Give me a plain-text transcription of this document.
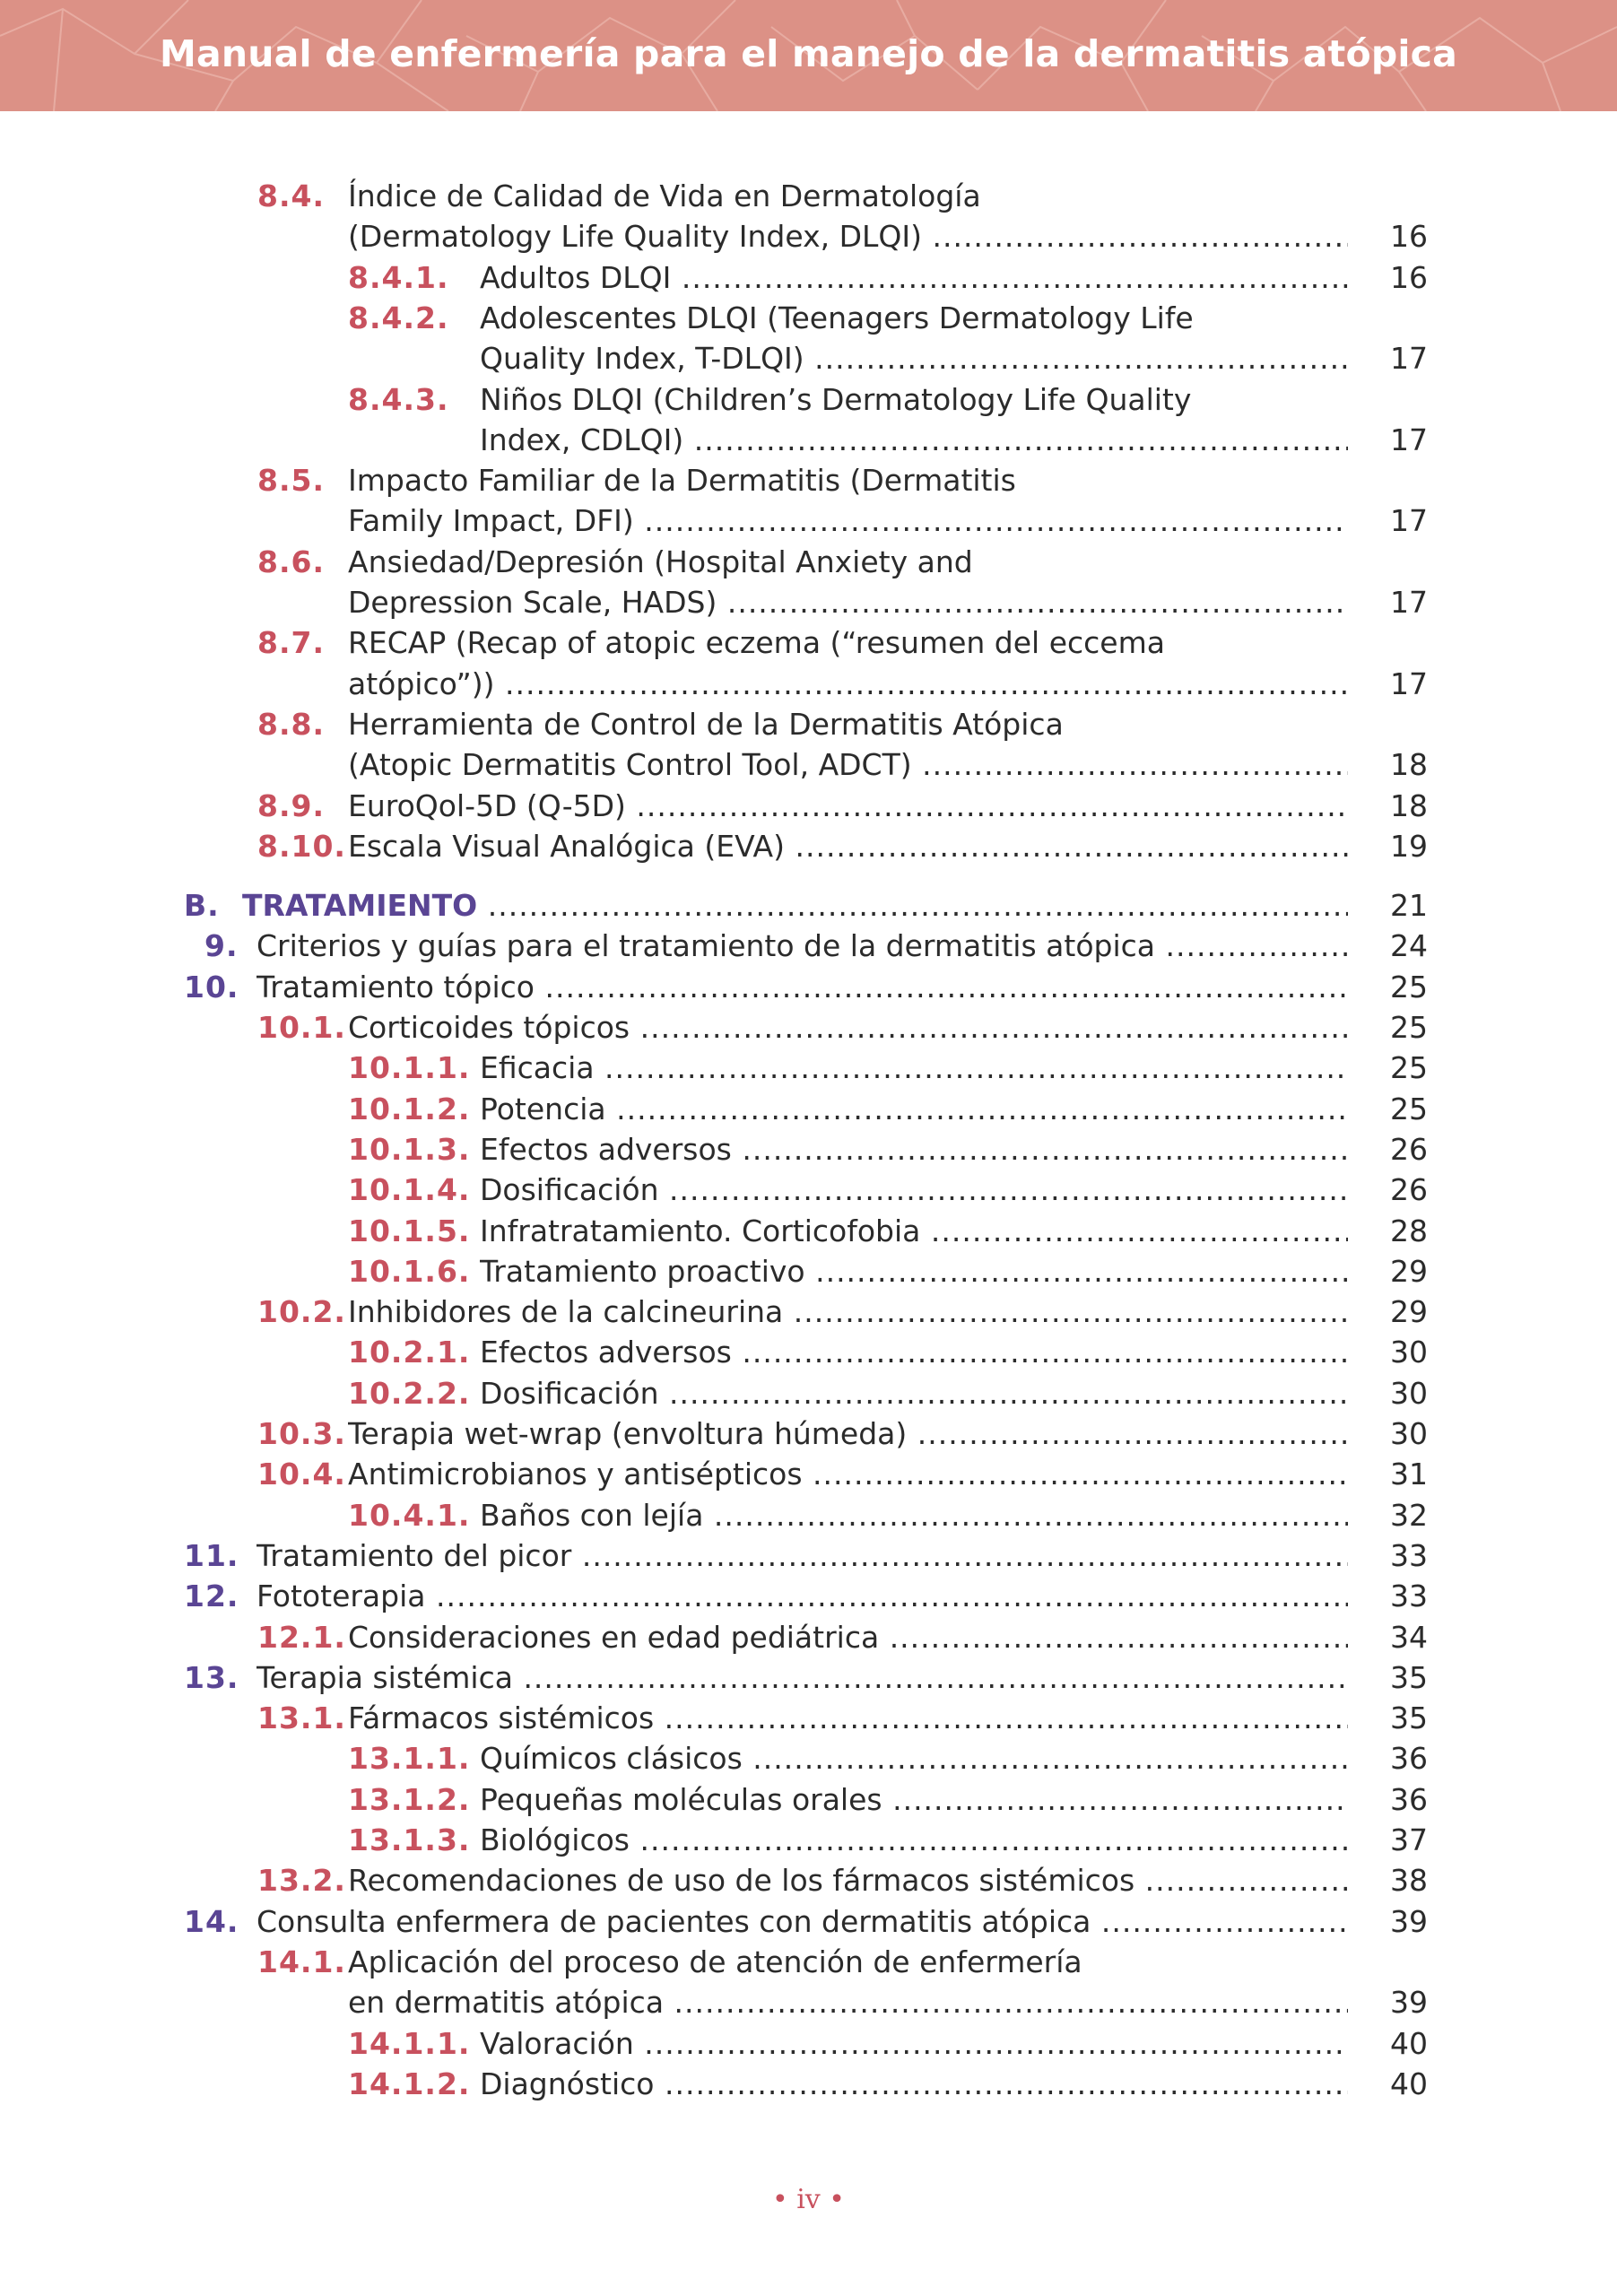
Manual de enfermería para el manejo de la dermatitis atópica
8.4. Índice de Calidad de Vida en Dermatología
(Dermatology Life Quality Index, DLQI) .....	16
8.4.1. Adultos DLQI .....	16
8.4.2. Adolescentes DLQI (Teenagers Dermatology Life
Quality Index, T-DLQI) .....	17
8.4.3. Niños DLQI (Children’s Dermatology Life Quality
Index, CDLQI) .....	17
8.5. Impacto Familiar de la Dermatitis (Dermatitis
Family Impact, DFI) .....	17
8.6. Ansiedad/Depresión (Hospital Anxiety and
Depression Scale, HADS) .....	17
8.7. RECAP (Recap of atopic eczema (“resumen del eccema
atópico”)) .....	17
8.8. Herramienta de Control de la Dermatitis Atópica
(Atopic Dermatitis Control Tool, ADCT) .....	18
8.9. EuroQol-5D (Q-5D) .....	18
8.10. Escala Visual Analógica (EVA) .....	19
B. TRATAMIENTO .....	21
9. Criterios y guías para el tratamiento de la dermatitis atópica .....	24
10. Tratamiento tópico .....	25
10.1. Corticoides tópicos .....	25
10.1.1. Eficacia .....	25
10.1.2. Potencia .....	25
10.1.3. Efectos adversos .....	26
10.1.4. Dosificación .....	26
10.1.5. Infratratamiento. Corticofobia .....	28
10.1.6. Tratamiento proactivo .....	29
10.2. Inhibidores de la calcineurina .....	29
10.2.1. Efectos adversos .....	30
10.2.2. Dosificación .....	30
10.3. Terapia wet-wrap (envoltura húmeda) .....	30
10.4. Antimicrobianos y antisépticos .....	31
10.4.1. Baños con lejía .....	32
11. Tratamiento del picor .....	33
12. Fototerapia .....	33
12.1. Consideraciones en edad pediátrica .....	34
13. Terapia sistémica .....	35
13.1. Fármacos sistémicos .....	35
13.1.1. Químicos clásicos .....	36
13.1.2. Pequeñas moléculas orales .....	36
13.1.3. Biológicos .....	37
13.2. Recomendaciones de uso de los fármacos sistémicos .....	38
14. Consulta enfermera de pacientes con dermatitis atópica .....	39
14.1. Aplicación del proceso de atención de enfermería
en dermatitis atópica .....	39
14.1.1. Valoración .....	40
14.1.2. Diagnóstico .....	40
• iv •
